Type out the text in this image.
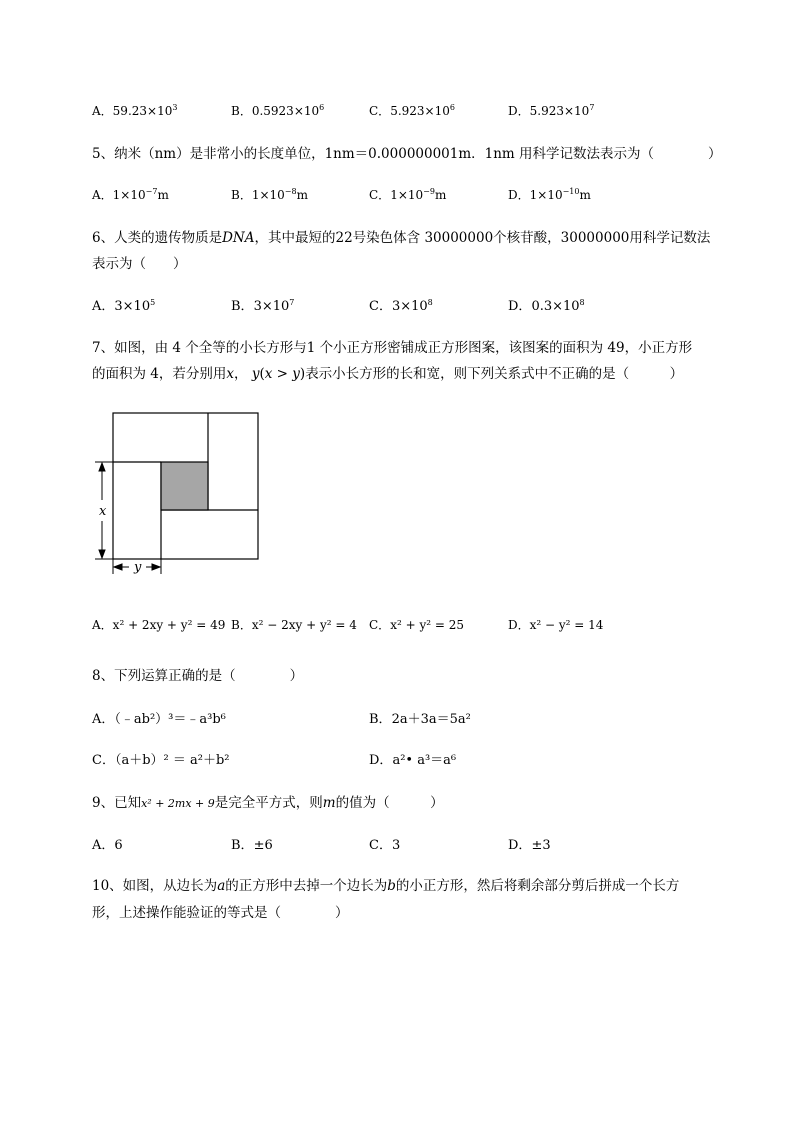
A．$59.23\times 10^3$	B．$0.5923\times 10^6$	C．$5.923\times 10^6$	D．$5.923\times 10^7$
5、纳米（nm）是非常小的长度单位，1nm＝0.000000001m．1nm 用科学记数法表示为（　　　　）
A．$1\times 10^{-7}m$	B．$1\times 10^{-8}m$	C．$1\times 10^{-9}m$	D．$1\times 10^{-10}m$
6、人类的遗传物质是DNA，其中最短的22号染色体含 30000000个核苷酸，30000000用科学记数法
表示为（　　）
A．$3\times 10^5$	B．$3\times 10^7$	C．$3\times 10^8$	D．$0.3\times 10^8$
7、如图，由 4 个全等的小长方形与1 个小正方形密铺成正方形图案，该图案的面积为 49，小正方形
的面积为 4，若分别用x， y(x > y)表示小长方形的长和宽，则下列关系式中不正确的是（　　　）
x
y
A．x² + 2xy + y² = 49 B．x² − 2xy + y² = 4 C．x² + y² = 25	D．x² − y² = 14
8、下列运算正确的是（　　　　）
A．（﹣ab²）³＝﹣a³b⁶	B．2a＋3a＝5a²
C．（a＋b）² ＝ a²＋b²	D．a²• a³＝a⁶
9、已知x² + 2mx + 9是完全平方式，则m的值为（　　　）
A．6	B．±6	C．3	D．±3
10、如图，从边长为a的正方形中去掉一个边长为b的小正方形，然后将剩余部分剪后拼成一个长方
形，上述操作能验证的等式是（　　　　）
